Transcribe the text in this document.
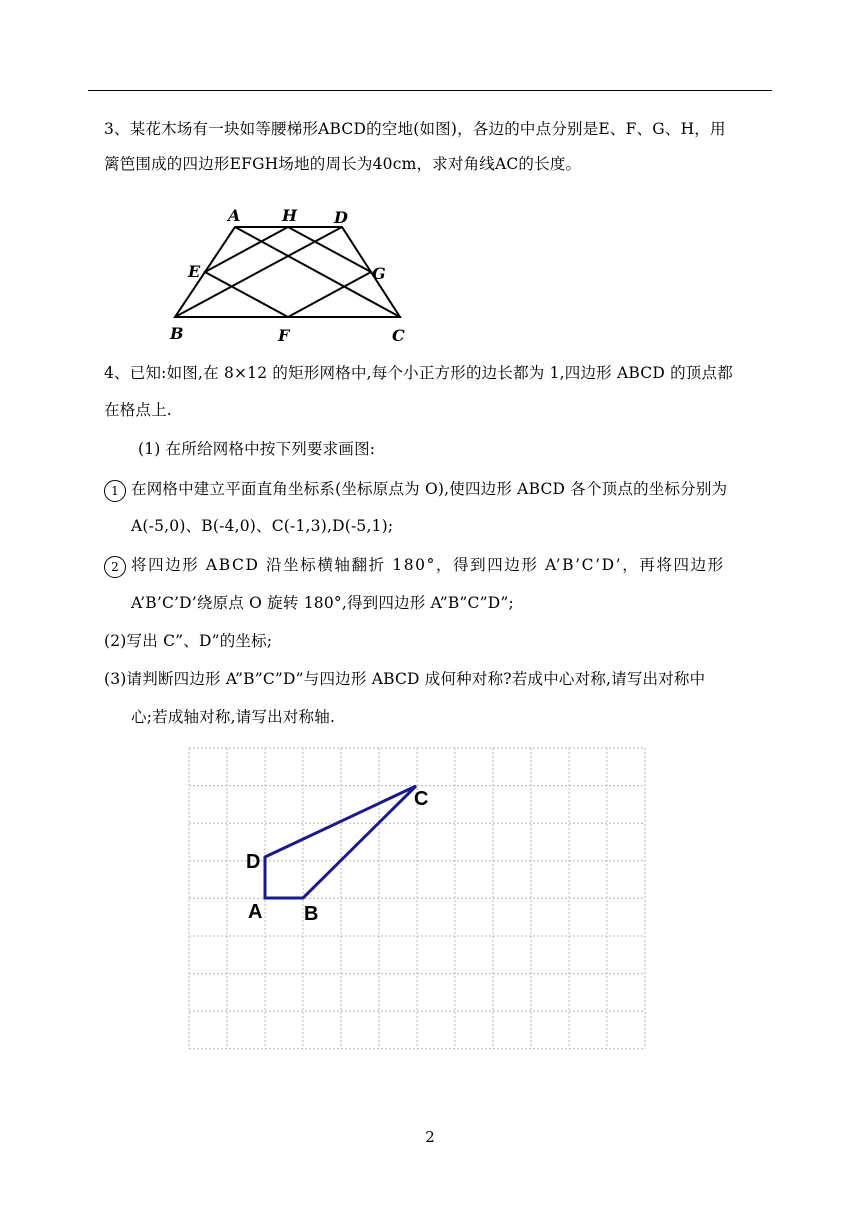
3、某花木场有一块如等腰梯形ABCD的空地(如图)，各边的中点分别是E、F、G、H，用

篱笆围成的四边形EFGH场地的周长为40cm，求对角线AC的长度。

A	H D
E	G
B	F	C

4、已知:如图,在 8×12 的矩形网格中,每个小正方形的边长都为 1,四边形 ABCD 的顶点都

在格点上.

(1) 在所给网格中按下列要求画图:

1 在网格中建立平面直角坐标系(坐标原点为 O),使四边形 ABCD 各个顶点的坐标分别为

A(-5,0)、B(-4,0)、C(-1,3),D(-5,1);

2 将四边形 ABCD 沿坐标横轴翻折 180°，得到四边形 A’B’C’D’，再将四边形

A’B’C’D’绕原点 O 旋转 180°,得到四边形 A”B”C”D”;

(2)写出 C”、D”的坐标;

(3)请判断四边形 A”B”C”D”与四边形 ABCD 成何种对称?若成中心对称,请写出对称中

心;若成轴对称,请写出对称轴.

C
D
A B
2
